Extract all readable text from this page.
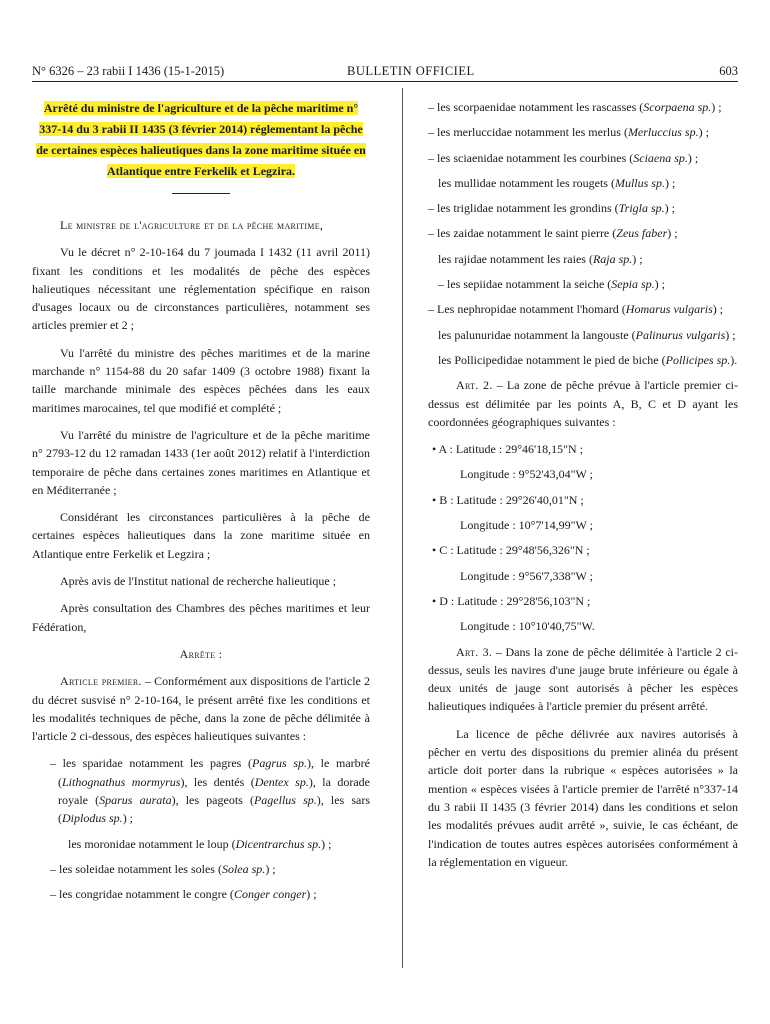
N° 6326 – 23 rabii I 1436 (15-1-2015)	BULLETIN OFFICIEL	603

Arrêté du ministre de l'agriculture et de la pêche maritime n° 337-14 du 3 rabii II 1435 (3 février 2014) réglementant la pêche de certaines espèces halieutiques dans la zone maritime située en Atlantique entre Ferkelik et Legzira.

Le ministre de l'agriculture et de la pêche maritime,

Vu le décret n° 2-10-164 du 7 joumada I 1432 (11 avril 2011) fixant les conditions et les modalités de pêche des espèces halieutiques nécessitant une réglementation spécifique en raison d'usages locaux ou de circonstances particulières, notamment ses articles premier et 2 ;

Vu l'arrêté du ministre des pêches maritimes et de la marine marchande n° 1154-88 du 20 safar 1409 (3 octobre 1988) fixant la taille marchande minimale des espèces pêchées dans les eaux maritimes marocaines, tel que modifié et complété ;

Vu l'arrêté du ministre de l'agriculture et de la pêche maritime n° 2793-12 du 12 ramadan 1433 (1er août 2012) relatif à l'interdiction temporaire de pêche dans certaines zones maritimes en Atlantique et en Méditerranée ;

Considérant les circonstances particulières à la pêche de certaines espèces halieutiques dans la zone maritime située en Atlantique entre Ferkelik et Legzira ;

Après avis de l'Institut national de recherche halieutique ;

Après consultation des Chambres des pêches maritimes et leur Fédération,

Arrête :

Article premier. – Conformément aux dispositions de l'article 2 du décret susvisé n° 2-10-164, le présent arrêté fixe les conditions et les modalités techniques de pêche, dans la zone de pêche délimitée à l'article 2 ci-dessous, des espèces halieutiques suivantes :

– les sparidae notamment les pagres (Pagrus sp.), le marbré (Lithognathus mormyrus), les dentés (Dentex sp.), la dorade royale (Sparus aurata), les pageots (Pagellus sp.), les sars (Diplodus sp.) ;

les moronidae notamment le loup (Dicentrarchus sp.) ;

– les soleidae notamment les soles (Solea sp.) ;

– les congridae notamment le congre (Conger conger) ;

– les scorpaenidae notamment les rascasses (Scorpaena sp.) ;

– les merluccidae notamment les merlus (Merluccius sp.) ;

– les sciaenidae notamment les courbines (Sciaena sp.) ;

les mullidae notamment les rougets (Mullus sp.) ;

– les triglidae notamment les grondins (Trigla sp.) ;

– les zaidae notamment le saint pierre (Zeus faber) ;

les rajidae notamment les raies (Raja sp.) ;

– les sepiidae notamment la seiche (Sepia sp.) ;

– Les nephropidae notamment l'homard (Homarus vulgaris) ;

les palunuridae notamment la langouste (Palinurus vulgaris) ;

les Pollicipedidae notamment le pied de biche (Pollicipes sp.).

Art. 2. – La zone de pêche prévue à l'article premier ci-dessus est délimitée par les points A, B, C et D ayant les coordonnées géographiques suivantes :

• A : Latitude : 29°46'18,15"N ;

Longitude : 9°52'43,04"W ;

• B : Latitude : 29°26'40,01"N ;

Longitude : 10°7'14,99"W ;

• C : Latitude : 29°48'56,326"N ;

Longitude : 9°56'7,338"W ;

• D : Latitude : 29°28'56,103"N ;

Longitude : 10°10'40,75"W.

Art. 3. – Dans la zone de pêche délimitée à l'article 2 ci-dessus, seuls les navires d'une jauge brute inférieure ou égale à deux unités de jauge sont autorisés à pêcher les espèces halieutiques indiquées à l'article premier du présent arrêté.

La licence de pêche délivrée aux navires autorisés à pêcher en vertu des dispositions du premier alinéa du présent article doit porter dans la rubrique « espèces autorisées » la mention « espèces visées à l'article premier de l'arrêté n°337-14 du 3 rabii II 1435 (3 février 2014) dans les conditions et selon les modalités prévues audit arrêté », suivie, le cas échéant, de l'indication de toutes autres espèces autorisées conformément à la réglementation en vigueur.
